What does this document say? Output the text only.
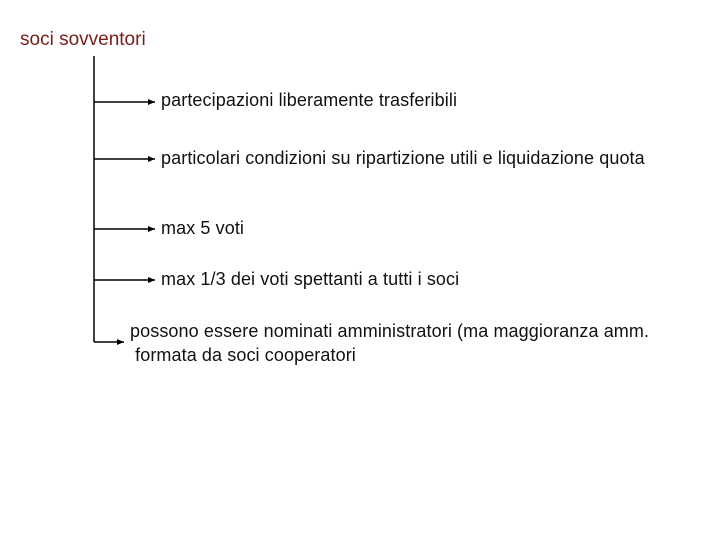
soci sovventori
partecipazioni liberamente trasferibili
particolari condizioni su ripartizione utili e liquidazione quota
max 5 voti
max 1/3 dei voti spettanti a tutti i soci
possono essere nominati amministratori (ma maggioranza amm.
formata da soci cooperatori
